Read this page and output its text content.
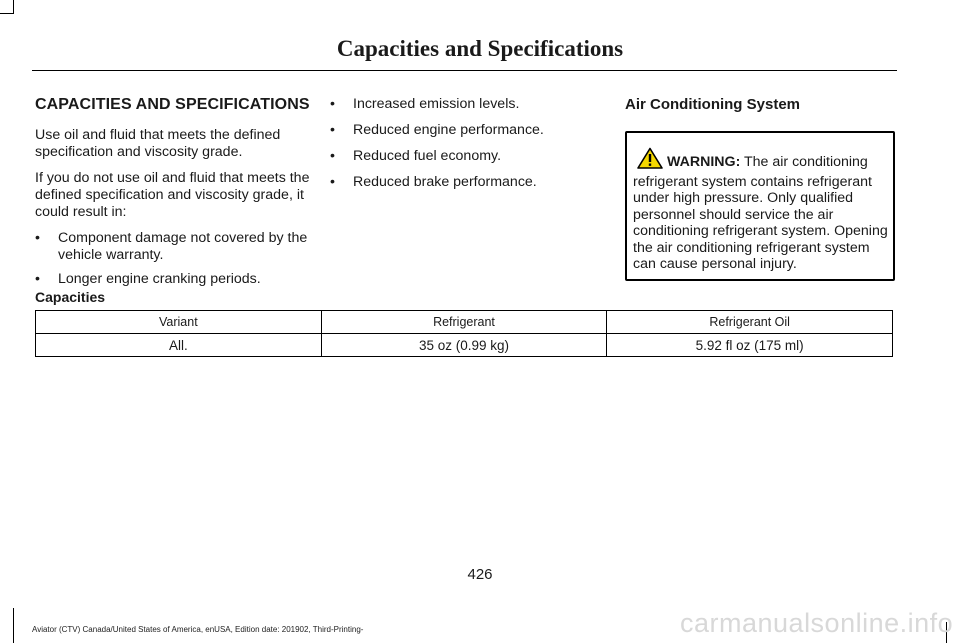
Capacities and Specifications
CAPACITIES AND SPECIFICATIONS

Use oil and fluid that meets the defined specification and viscosity grade.

If you do not use oil and fluid that meets the defined specification and viscosity grade, it could result in:

• Component damage not covered by the vehicle warranty.
• Longer engine cranking periods.
• Increased emission levels.
• Reduced engine performance.
• Reduced fuel economy.
• Reduced brake performance.
Air Conditioning System
WARNING: The air conditioning refrigerant system contains refrigerant under high pressure. Only qualified personnel should service the air conditioning refrigerant system. Opening the air conditioning refrigerant system can cause personal injury.
Capacities
Variant	Refrigerant	Refrigerant Oil
All.	35 oz (0.99 kg)	5.92 fl oz (175 ml)
426
Aviator (CTV) Canada/United States of America, enUSA, Edition date: 201902, Third-Printing-	carmanualsonline.info
